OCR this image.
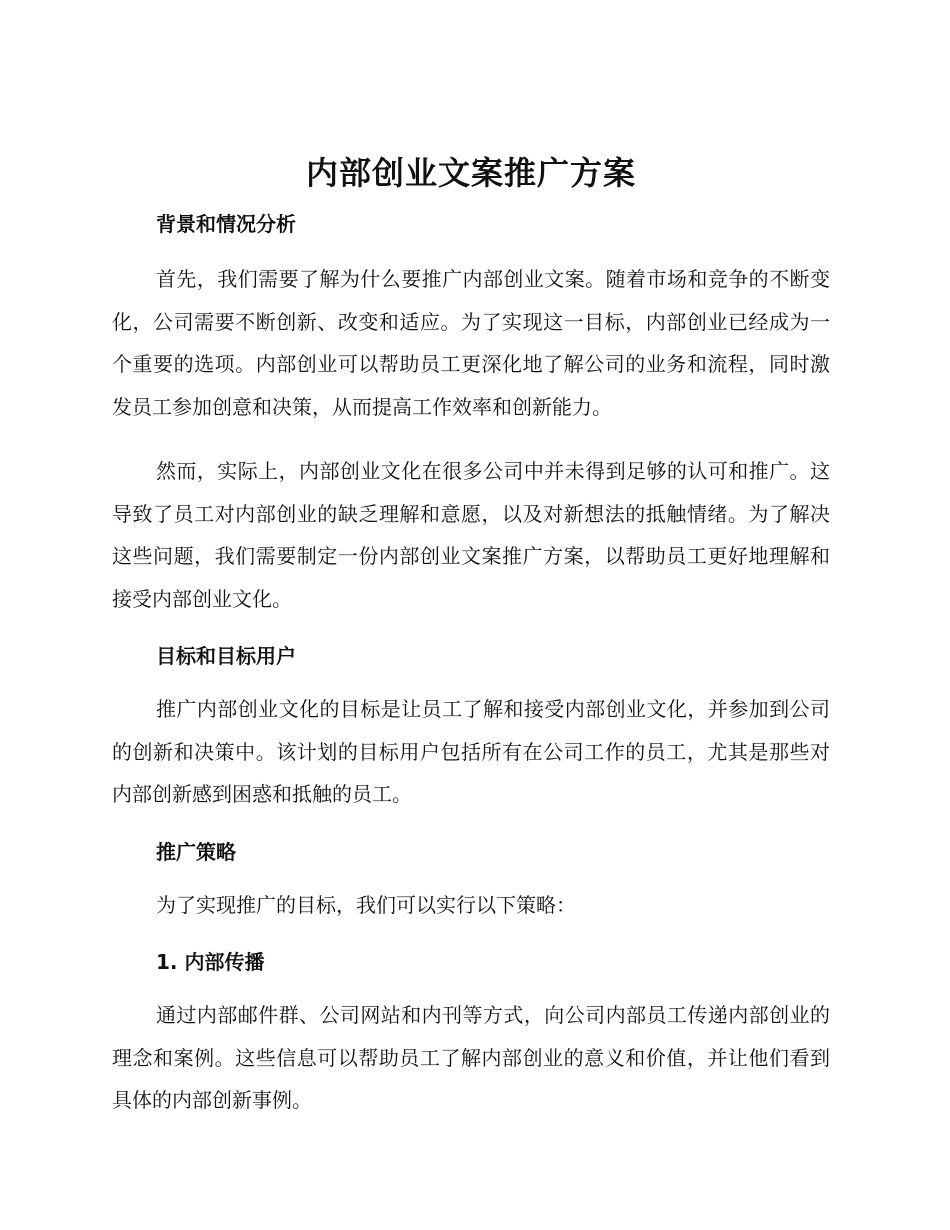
内部创业文案推广方案
背景和情况分析

首先，我们需要了解为什么要推广内部创业文案。随着市场和竞争的不断变化，公司需要不断创新、改变和适应。为了实现这一目标，内部创业已经成为一个重要的选项。内部创业可以帮助员工更深化地了解公司的业务和流程，同时激发员工参加创意和决策，从而提高工作效率和创新能力。

然而，实际上，内部创业文化在很多公司中并未得到足够的认可和推广。这导致了员工对内部创业的缺乏理解和意愿，以及对新想法的抵触情绪。为了解决这些问题，我们需要制定一份内部创业文案推广方案，以帮助员工更好地理解和接受内部创业文化。

目标和目标用户

推广内部创业文化的目标是让员工了解和接受内部创业文化，并参加到公司的创新和决策中。该计划的目标用户包括所有在公司工作的员工，尤其是那些对内部创新感到困惑和抵触的员工。

推广策略

为了实现推广的目标，我们可以实行以下策略：

1. 内部传播

通过内部邮件群、公司网站和内刊等方式，向公司内部员工传递内部创业的理念和案例。这些信息可以帮助员工了解内部创业的意义和价值，并让他们看到具体的内部创新事例。
